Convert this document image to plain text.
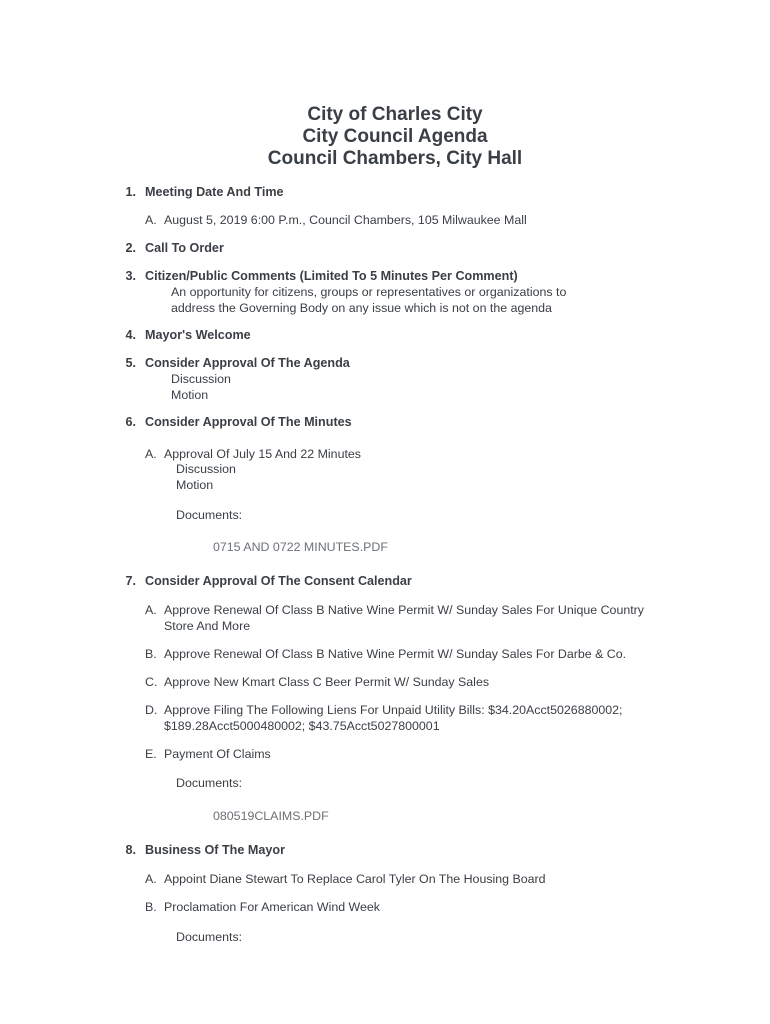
City of Charles City
City Council Agenda
Council Chambers, City Hall
1. Meeting Date And Time
A. August 5, 2019 6:00 P.m., Council Chambers, 105 Milwaukee Mall
2. Call To Order
3. Citizen/Public Comments (Limited To 5 Minutes Per Comment)
An opportunity for citizens, groups or representatives or organizations to
address the Governing Body on any issue which is not on the agenda
4. Mayor's Welcome
5. Consider Approval Of The Agenda
Discussion
Motion
6. Consider Approval Of The Minutes
A. Approval Of July 15 And 22 Minutes
Discussion
Motion
Documents:
0715 AND 0722 MINUTES.PDF
7. Consider Approval Of The Consent Calendar
A. Approve Renewal Of Class B Native Wine Permit W/ Sunday Sales For Unique Country
Store And More
B. Approve Renewal Of Class B Native Wine Permit W/ Sunday Sales For Darbe & Co.
C. Approve New Kmart Class C Beer Permit W/ Sunday Sales
D. Approve Filing The Following Liens For Unpaid Utility Bills: $34.20Acct5026880002;
$189.28Acct5000480002; $43.75Acct5027800001
E. Payment Of Claims
Documents:
080519CLAIMS.PDF
8. Business Of The Mayor
A. Appoint Diane Stewart To Replace Carol Tyler On The Housing Board
B. Proclamation For American Wind Week
Documents:
